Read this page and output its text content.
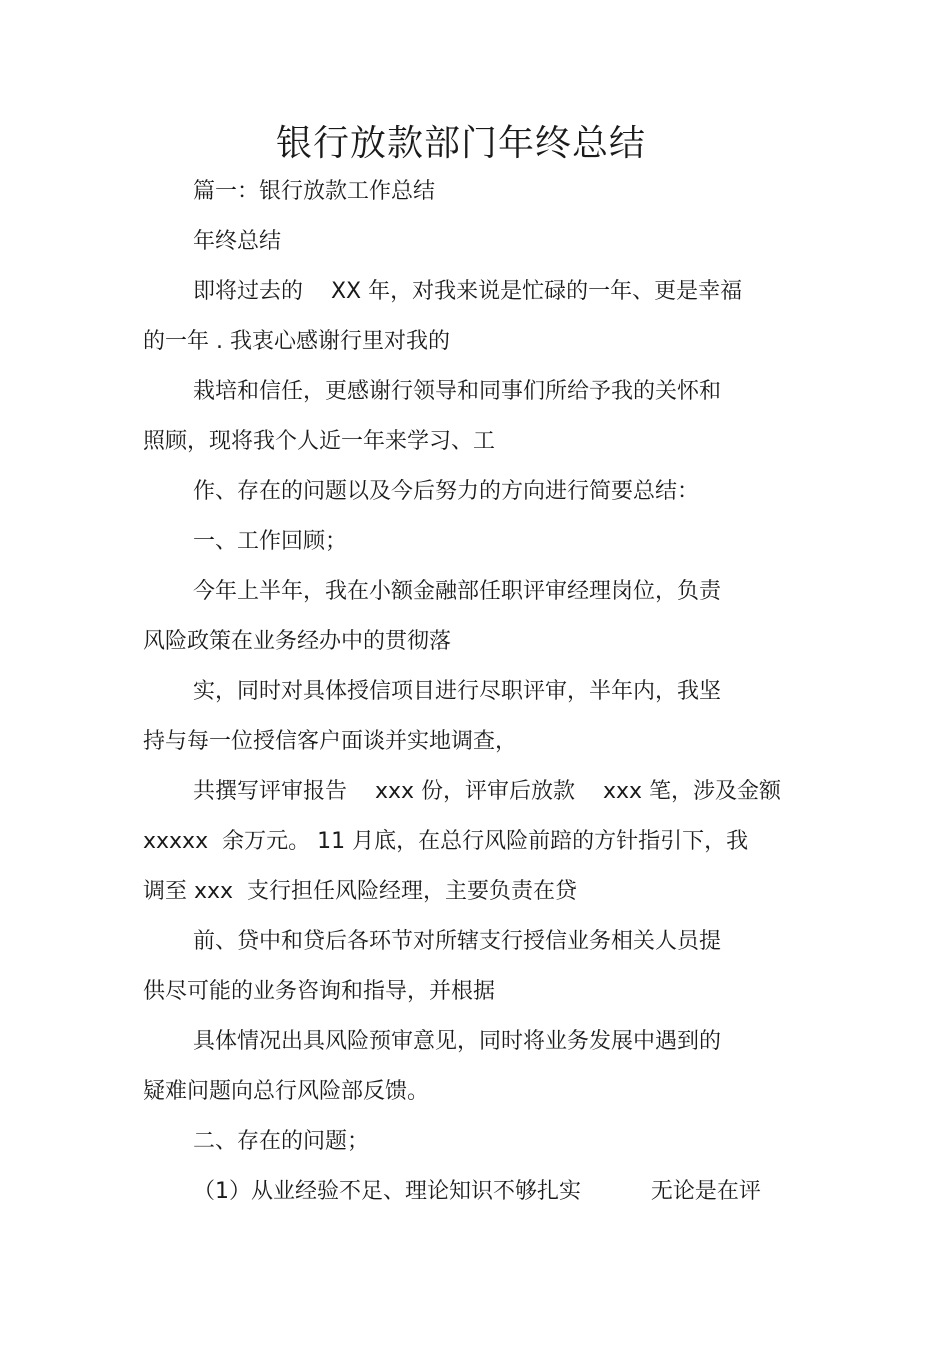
银行放款部门年终总结

篇一：银行放款工作总结

年终总结

即将过去的    XX 年，对我来说是忙碌的一年、更是幸福

的一年 . 我衷心感谢行里对我的

栽培和信任，更感谢行领导和同事们所给予我的关怀和

照顾，现将我个人近一年来学习、工

作、存在的问题以及今后努力的方向进行简要总结：

一、工作回顾；

今年上半年，我在小额金融部任职评审经理岗位，负责

风险政策在业务经办中的贯彻落

实，同时对具体授信项目进行尽职评审，半年内，我坚

持与每一位授信客户面谈并实地调查，

共撰写评审报告    xxx 份，评审后放款    xxx 笔，涉及金额

xxxxx  余万元。 11 月底，在总行风险前踣的方针指引下，我

调至 xxx  支行担任风险经理，主要负责在贷

前、贷中和贷后各环节对所辖支行授信业务相关人员提

供尽可能的业务咨询和指导，并根据

具体情况出具风险预审意见，同时将业务发展中遇到的

疑难问题向总行风险部反馈。

二、存在的问题；

（1）从业经验不足、理论知识不够扎实          无论是在评
